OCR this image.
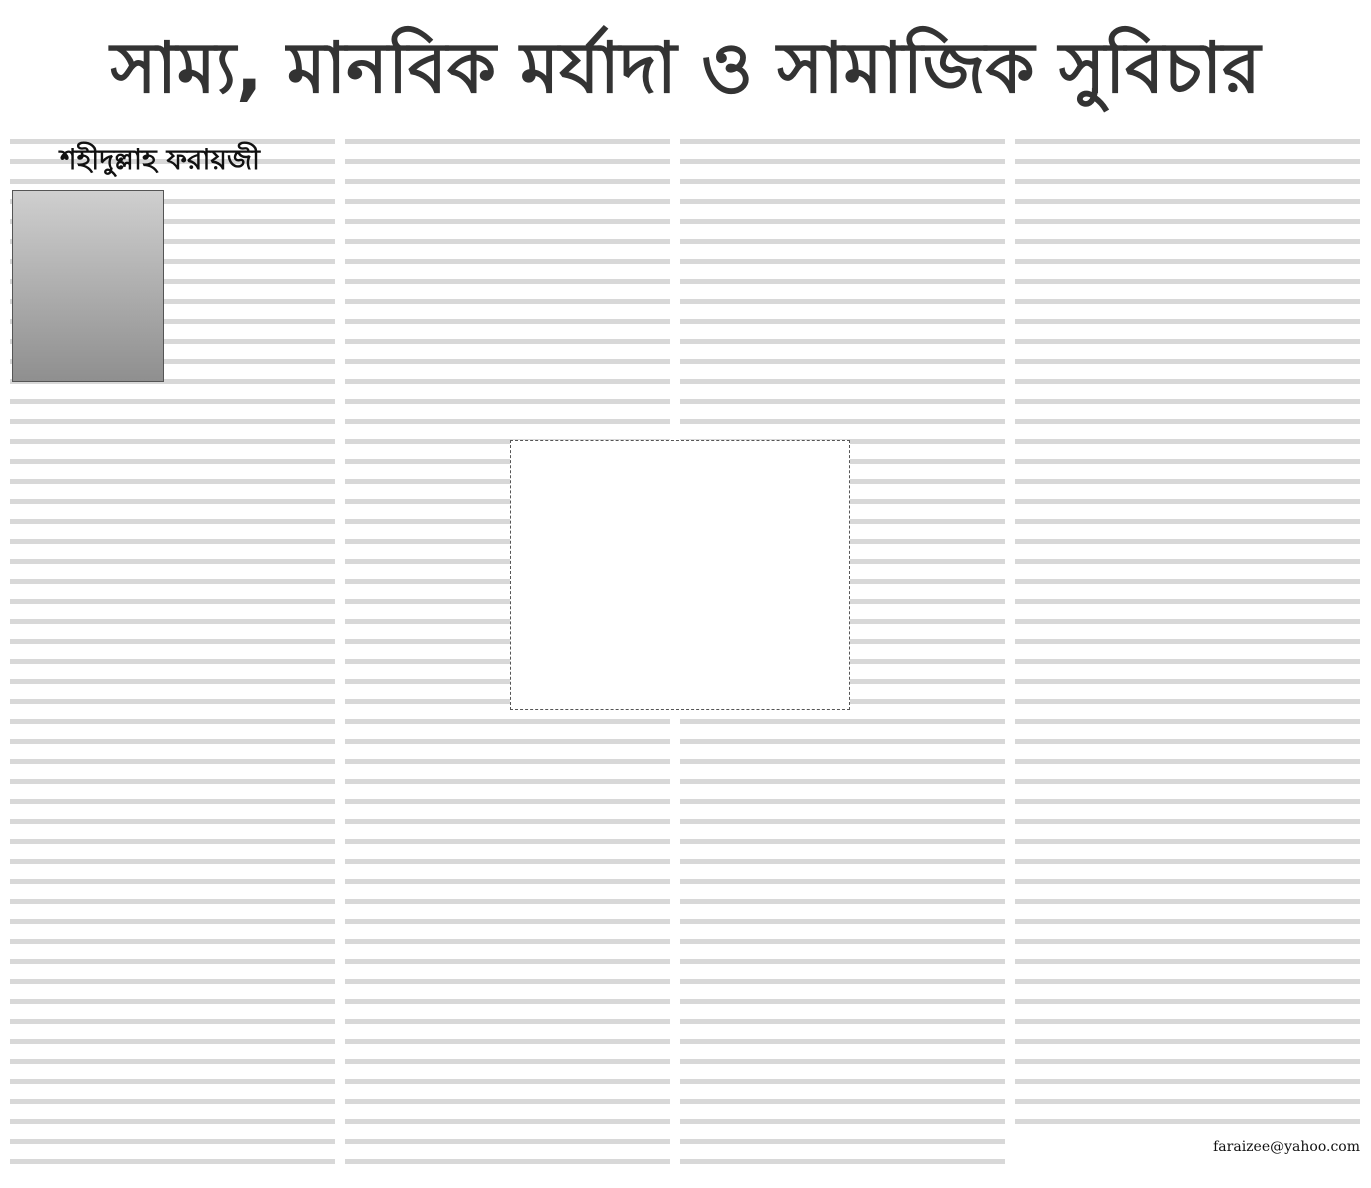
সাম্য, মানবিক মর্যাদা ও সামাজিক সুবিচার
শহীদুল্লাহ ফরায়জী
faraizee@yahoo.com
